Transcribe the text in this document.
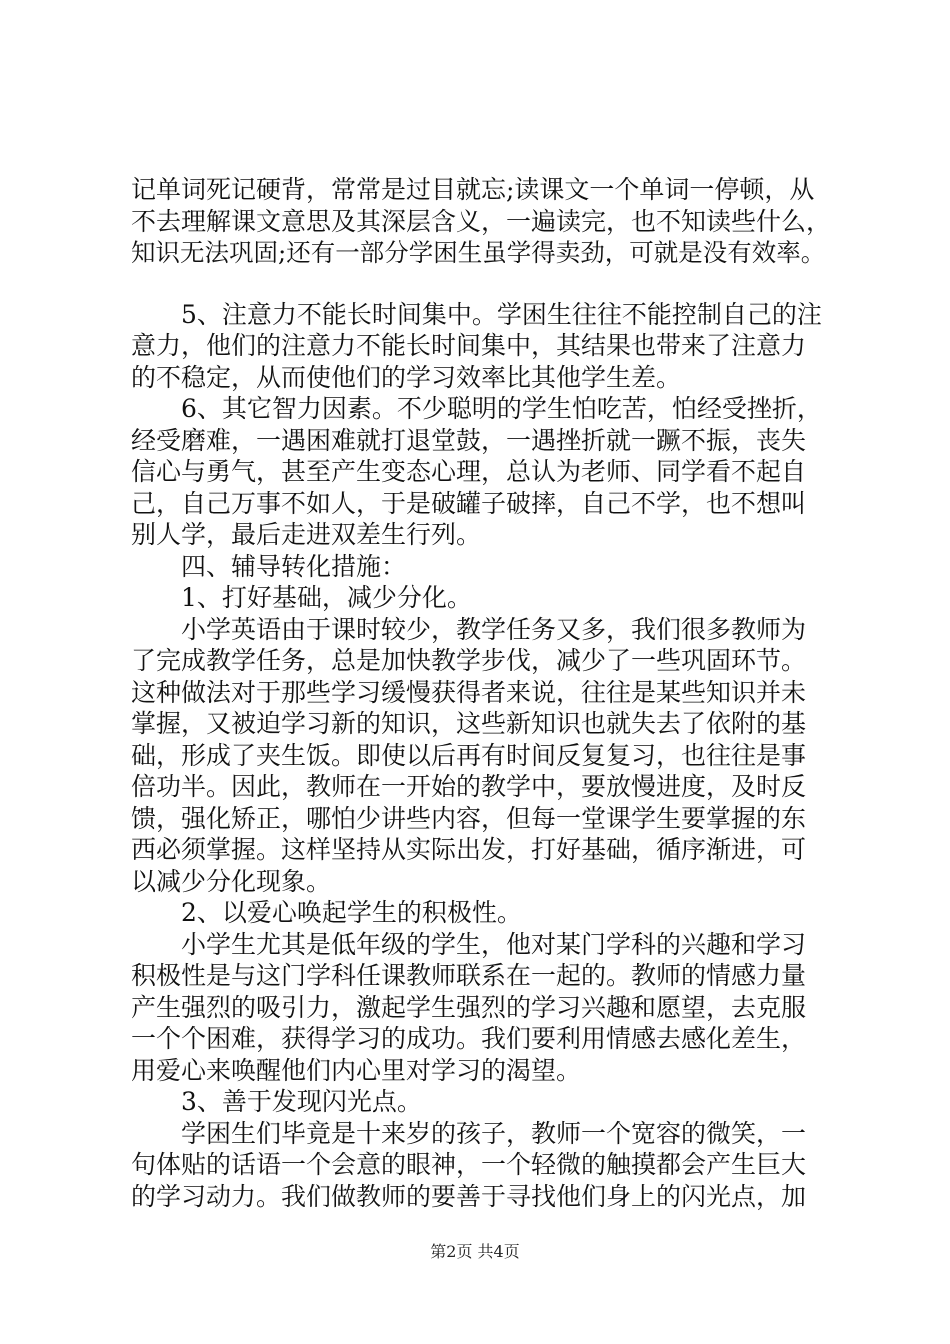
记单词死记硬背，常常是过目就忘;读课文一个单词一停顿，从
不去理解课文意思及其深层含义，一遍读完，也不知读些什么，
知识无法巩固;还有一部分学困生虽学得卖劲，可就是没有效率。
　　5、注意力不能长时间集中。学困生往往不能控制自己的注
意力，他们的注意力不能长时间集中，其结果也带来了注意力
的不稳定，从而使他们的学习效率比其他学生差。
　　6、其它智力因素。不少聪明的学生怕吃苦，怕经受挫折，
经受磨难，一遇困难就打退堂鼓，一遇挫折就一蹶不振，丧失
信心与勇气，甚至产生变态心理，总认为老师、同学看不起自
己，自己万事不如人，于是破罐子破摔，自己不学，也不想叫
别人学，最后走进双差生行列。
　　四、辅导转化措施：
　　1、打好基础，减少分化。
　　小学英语由于课时较少，教学任务又多，我们很多教师为
了完成教学任务，总是加快教学步伐，减少了一些巩固环节。
这种做法对于那些学习缓慢获得者来说，往往是某些知识并未
掌握，又被迫学习新的知识，这些新知识也就失去了依附的基
础，形成了夹生饭。即使以后再有时间反复复习，也往往是事
倍功半。因此，教师在一开始的教学中，要放慢进度，及时反
馈，强化矫正，哪怕少讲些内容，但每一堂课学生要掌握的东
西必须掌握。这样坚持从实际出发，打好基础，循序渐进，可
以减少分化现象。
　　2、以爱心唤起学生的积极性。
　　小学生尤其是低年级的学生，他对某门学科的兴趣和学习
积极性是与这门学科任课教师联系在一起的。教师的情感力量
产生强烈的吸引力，激起学生强烈的学习兴趣和愿望，去克服
一个个困难，获得学习的成功。我们要利用情感去感化差生，
用爱心来唤醒他们内心里对学习的渴望。
　　3、善于发现闪光点。
　　学困生们毕竟是十来岁的孩子，教师一个宽容的微笑，一
句体贴的话语一个会意的眼神，一个轻微的触摸都会产生巨大
的学习动力。我们做教师的要善于寻找他们身上的闪光点，加
第2页 共4页
